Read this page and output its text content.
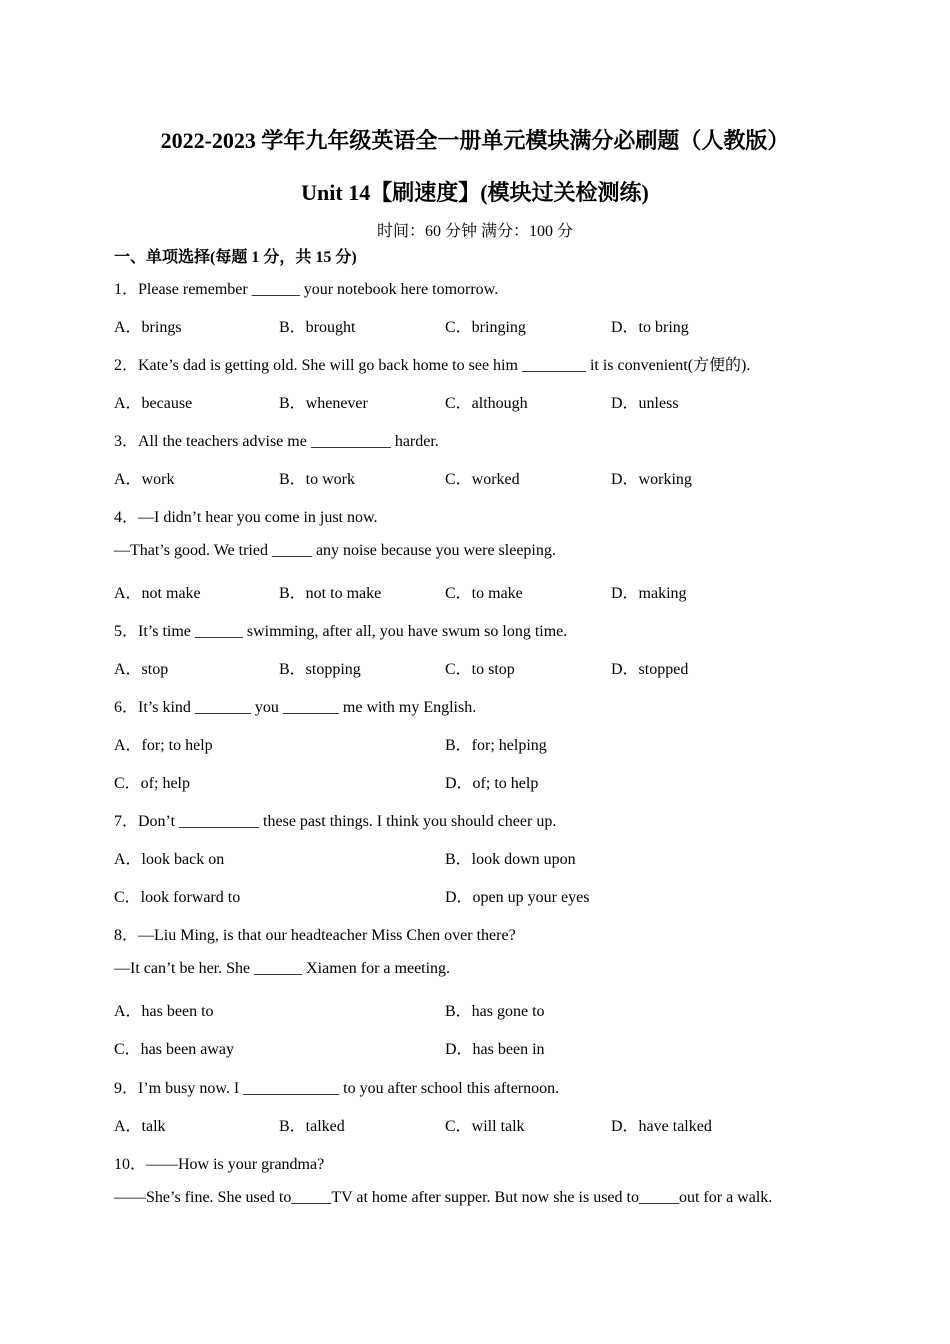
2022-2023 学年九年级英语全一册单元模块满分必刷题（人教版）
Unit 14【刷速度】(模块过关检测练)
时间：60 分钟 满分：100 分
一、单项选择(每题 1 分，共 15 分)
1．Please remember ______ your notebook here tomorrow.
A．brings	B．brought	C．bringing	D．to bring
2．Kate’s dad is getting old. She will go back home to see him ________ it is convenient(方便的).
A．because	B．whenever	C．although	D．unless
3．All the teachers advise me __________ harder.
A．work	B．to work	C．worked	D．working
4．—I didn’t hear you come in just now.
—That’s good. We tried _____ any noise because you were sleeping.
A．not make	B．not to make	C．to make	D．making
5．It’s time ______ swimming, after all, you have swum so long time.
A．stop	B．stopping	C．to stop	D．stopped
6．It’s kind _______ you _______ me with my English.
A．for; to help	B．for; helping
C．of; help	D．of; to help
7．Don’t __________ these past things. I think you should cheer up.
A．look back on	B．look down upon
C．look forward to	D．open up your eyes
8．—Liu Ming, is that our headteacher Miss Chen over there?
—It can’t be her. She ______ Xiamen for a meeting.
A．has been to	B．has gone to
C．has been away	D．has been in
9．I’m busy now. I ____________ to you after school this afternoon.
A．talk	B．talked	C．will talk	D．have talked
10．——How is your grandma?
——She’s fine. She used to_____TV at home after supper. But now she is used to_____out for a walk.
